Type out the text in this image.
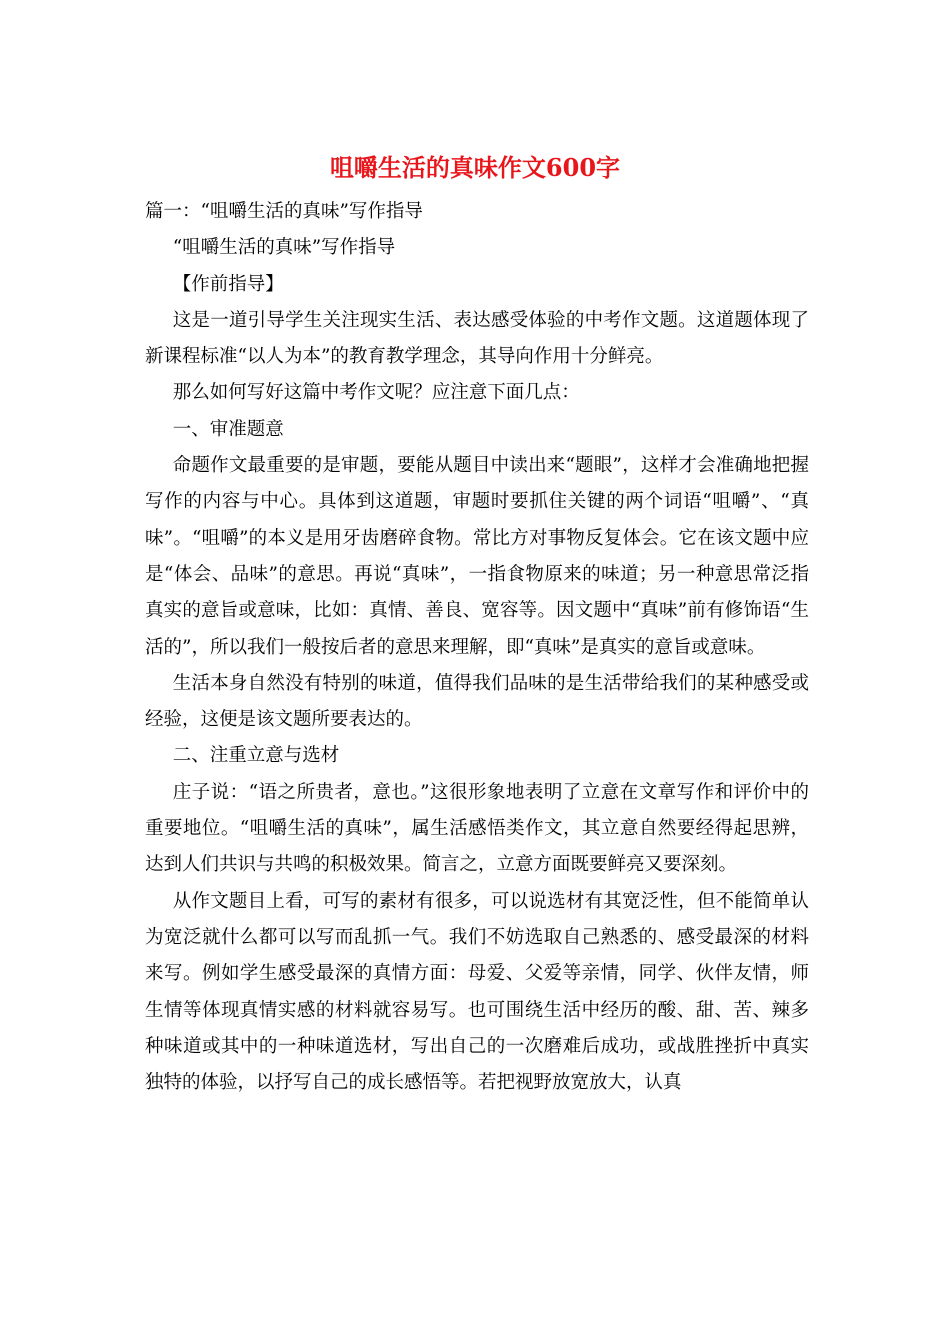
咀嚼生活的真味作文600字

篇一：“咀嚼生活的真味”写作指导

“咀嚼生活的真味”写作指导

【作前指导】

这是一道引导学生关注现实生活、表达感受体验的中考作文题。这道题体现了新课程标准“以人为本”的教育教学理念，其导向作用十分鲜亮。

那么如何写好这篇中考作文呢？应注意下面几点：

一、审准题意

命题作文最重要的是审题，要能从题目中读出来“题眼”，这样才会准确地把握写作的内容与中心。具体到这道题，审题时要抓住关键的两个词语“咀嚼”、“真味”。“咀嚼”的本义是用牙齿磨碎食物。常比方对事物反复体会。它在该文题中应是“体会、品味”的意思。再说“真味”，一指食物原来的味道；另一种意思常泛指真实的意旨或意味，比如：真情、善良、宽容等。因文题中“真味”前有修饰语“生活的”，所以我们一般按后者的意思来理解，即“真味”是真实的意旨或意味。

生活本身自然没有特别的味道，值得我们品味的是生活带给我们的某种感受或经验，这便是该文题所要表达的。

二、注重立意与选材

庄子说：“语之所贵者，意也。”这很形象地表明了立意在文章写作和评价中的重要地位。“咀嚼生活的真味”，属生活感悟类作文，其立意自然要经得起思辨，达到人们共识与共鸣的积极效果。简言之，立意方面既要鲜亮又要深刻。

从作文题目上看，可写的素材有很多，可以说选材有其宽泛性，但不能简单认为宽泛就什么都可以写而乱抓一气。我们不妨选取自己熟悉的、感受最深的材料来写。例如学生感受最深的真情方面：母爱、父爱等亲情，同学、伙伴友情，师生情等体现真情实感的材料就容易写。也可围绕生活中经历的酸、甜、苦、辣多种味道或其中的一种味道选材，写出自己的一次磨难后成功，或战胜挫折中真实独特的体验，以抒写自己的成长感悟等。若把视野放宽放大，认真
